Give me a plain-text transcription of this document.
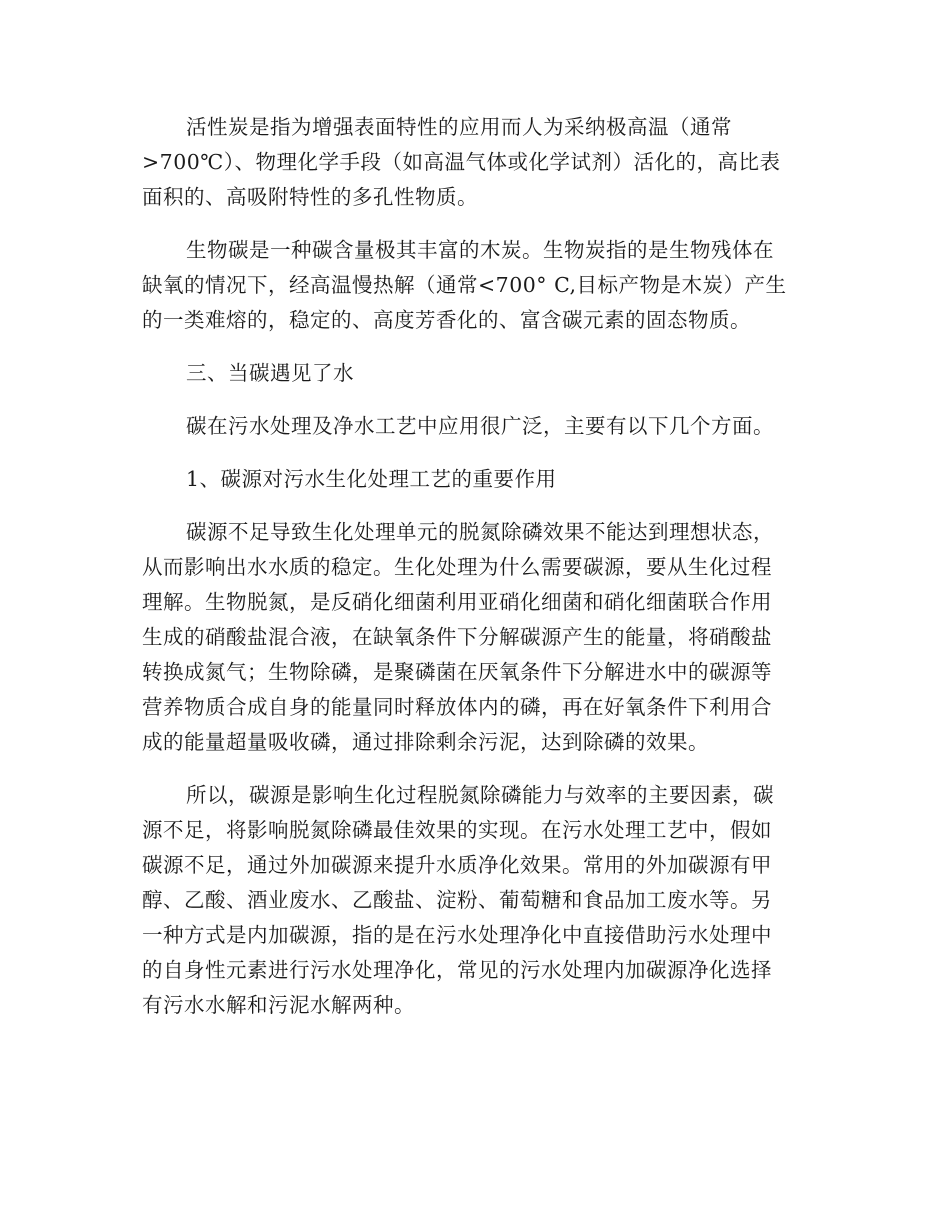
活性炭是指为增强表面特性的应用而人为采纳极高温（通常
>700℃）、物理化学手段（如高温气体或化学试剂）活化的，高比表
面积的、高吸附特性的多孔性物质。
生物碳是一种碳含量极其丰富的木炭。生物炭指的是生物残体在
缺氧的情况下，经高温慢热解（通常<700° C,目标产物是木炭）产生
的一类难熔的，稳定的、高度芳香化的、富含碳元素的固态物质。
三、当碳遇见了水
碳在污水处理及净水工艺中应用很广泛，主要有以下几个方面。
1、碳源对污水生化处理工艺的重要作用
碳源不足导致生化处理单元的脱氮除磷效果不能达到理想状态，
从而影响出水水质的稳定。生化处理为什么需要碳源，要从生化过程
理解。生物脱氮，是反硝化细菌利用亚硝化细菌和硝化细菌联合作用
生成的硝酸盐混合液，在缺氧条件下分解碳源产生的能量，将硝酸盐
转换成氮气；生物除磷，是聚磷菌在厌氧条件下分解进水中的碳源等
营养物质合成自身的能量同时释放体内的磷，再在好氧条件下利用合
成的能量超量吸收磷，通过排除剩余污泥，达到除磷的效果。
所以，碳源是影响生化过程脱氮除磷能力与效率的主要因素，碳
源不足，将影响脱氮除磷最佳效果的实现。在污水处理工艺中，假如
碳源不足，通过外加碳源来提升水质净化效果。常用的外加碳源有甲
醇、乙酸、酒业废水、乙酸盐、淀粉、葡萄糖和食品加工废水等。另
一种方式是内加碳源，指的是在污水处理净化中直接借助污水处理中
的自身性元素进行污水处理净化，常见的污水处理内加碳源净化选择
有污水水解和污泥水解两种。
